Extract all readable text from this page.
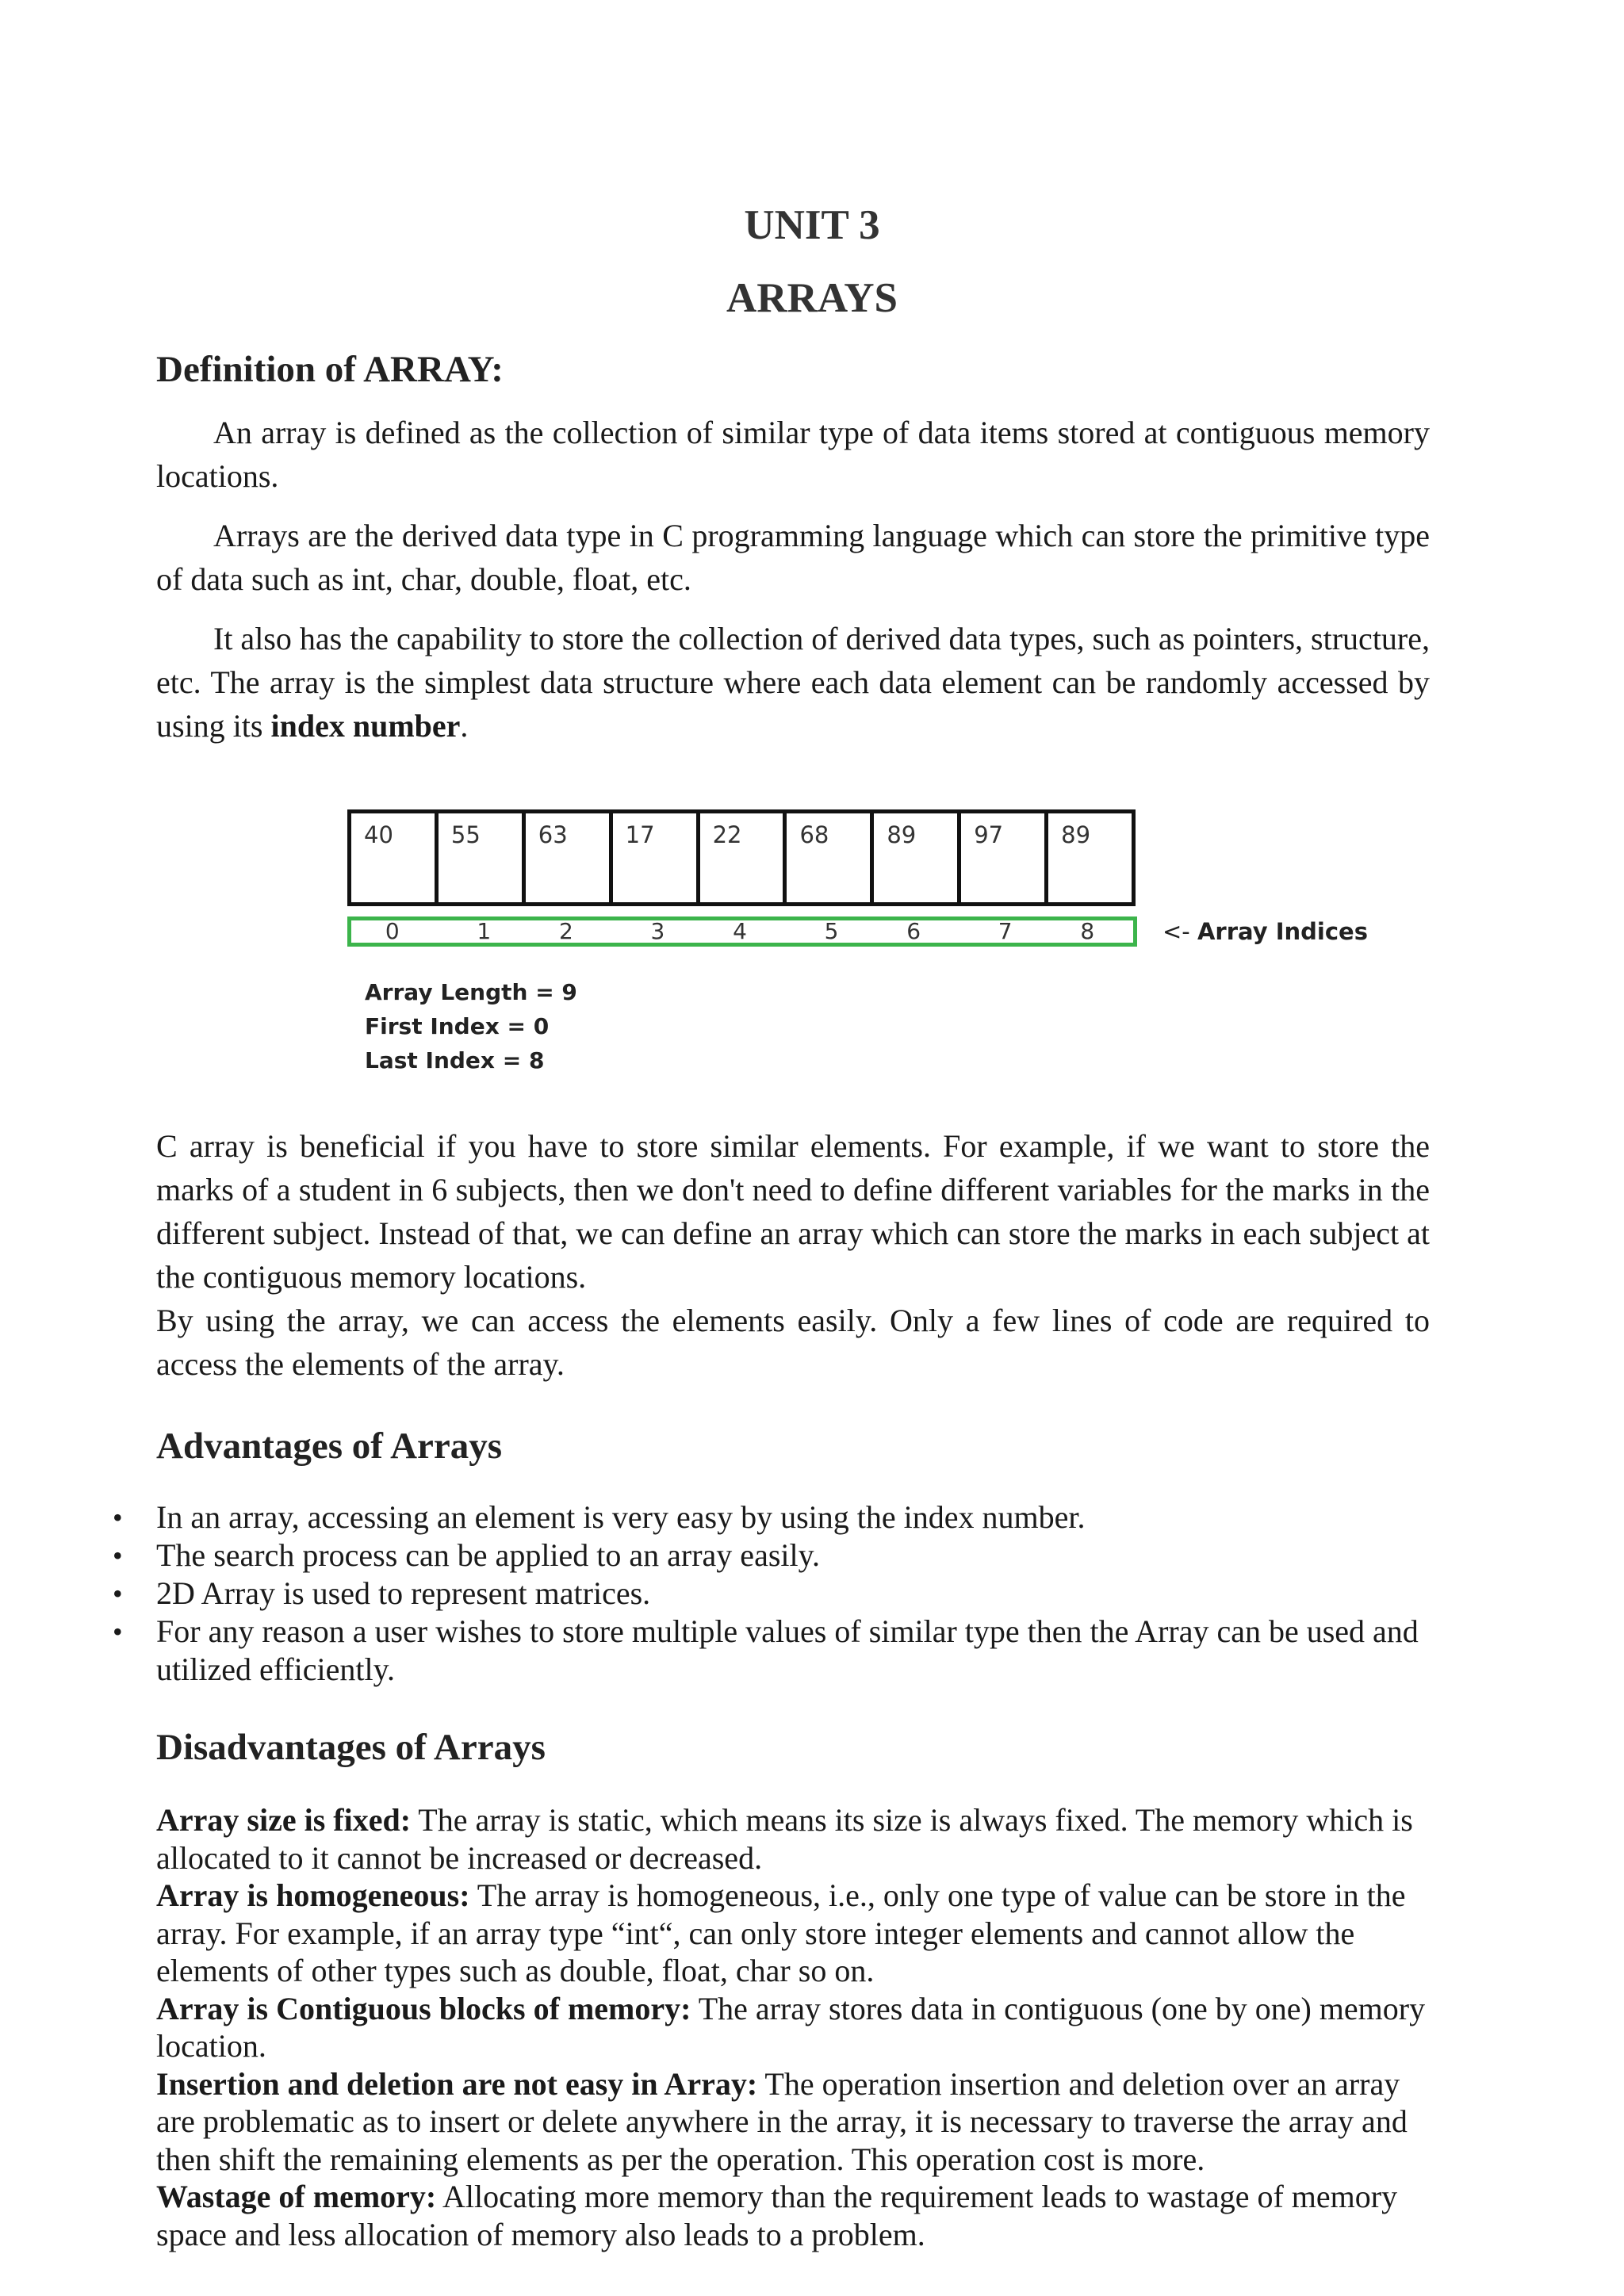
UNIT 3
ARRAYS
Definition of ARRAY:
An array is defined as the collection of similar type of data items stored at contiguous memory locations.
Arrays are the derived data type in C programming language which can store the primitive type of data such as int, char, double, float, etc.
It also has the capability to store the collection of derived data types, such as pointers, structure, etc. The array is the simplest data structure where each data element can be randomly accessed by using its index number.
40	55	63	17	22	68	89	97	89
0	1	2	3	4	5	6	7	8	<- Array Indices
Array Length = 9
First Index = 0
Last Index = 8
C array is beneficial if you have to store similar elements. For example, if we want to store the marks of a student in 6 subjects, then we don't need to define different variables for the marks in the different subject. Instead of that, we can define an array which can store the marks in each subject at the contiguous memory locations.
By using the array, we can access the elements easily. Only a few lines of code are required to access the elements of the array.
Advantages of Arrays
• In an array, accessing an element is very easy by using the index number.
• The search process can be applied to an array easily.
• 2D Array is used to represent matrices.
• For any reason a user wishes to store multiple values of similar type then the Array can be used and utilized efficiently.
Disadvantages of Arrays
Array size is fixed: The array is static, which means its size is always fixed. The memory which is allocated to it cannot be increased or decreased.
Array is homogeneous: The array is homogeneous, i.e., only one type of value can be store in the array. For example, if an array type “int“, can only store integer elements and cannot allow the elements of other types such as double, float, char so on.
Array is Contiguous blocks of memory: The array stores data in contiguous (one by one) memory location.
Insertion and deletion are not easy in Array: The operation insertion and deletion over an array are problematic as to insert or delete anywhere in the array, it is necessary to traverse the array and then shift the remaining elements as per the operation. This operation cost is more.
Wastage of memory: Allocating more memory than the requirement leads to wastage of memory space and less allocation of memory also leads to a problem.
